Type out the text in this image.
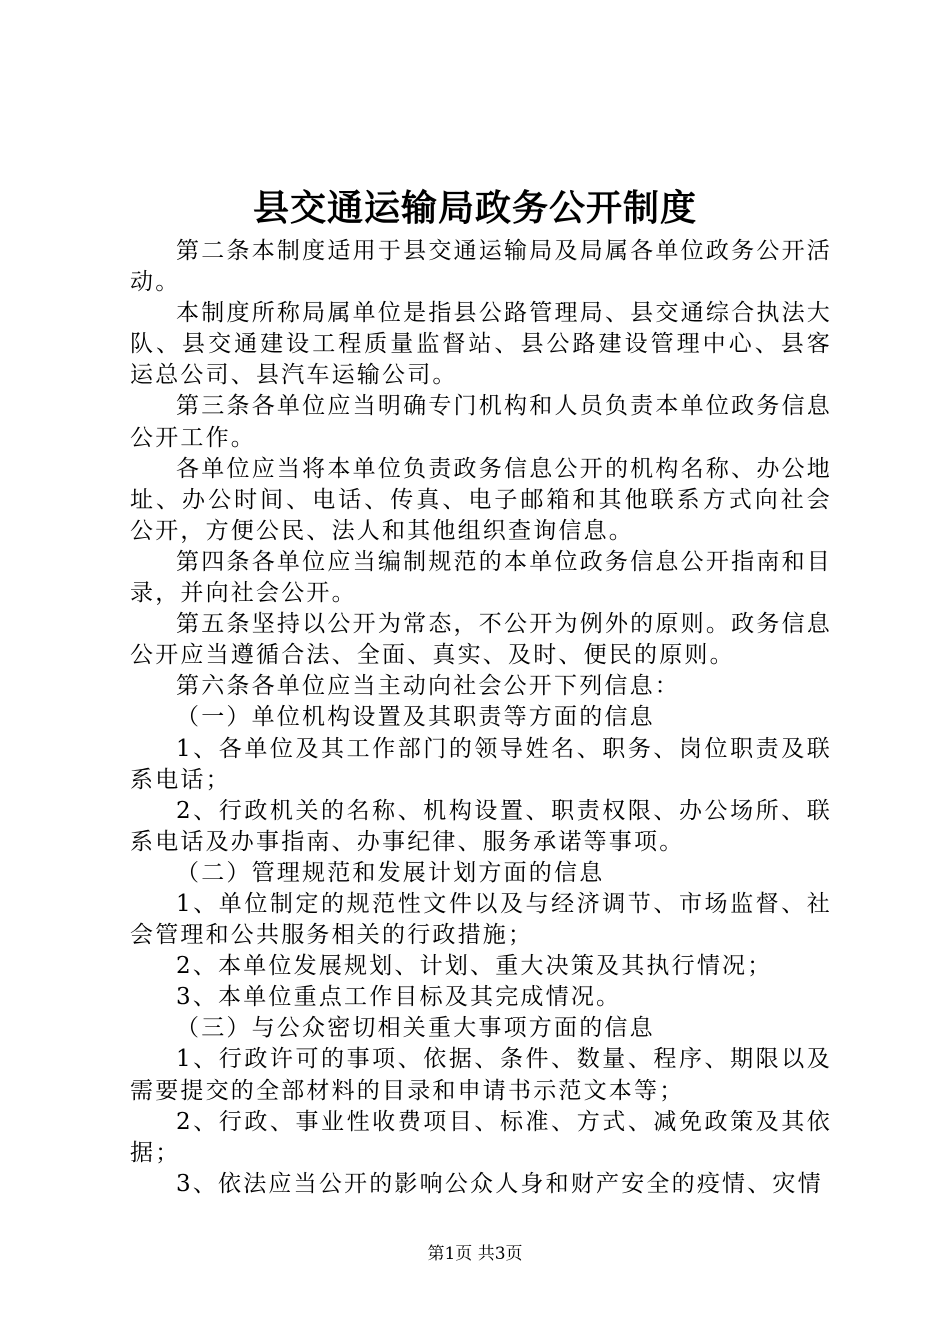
县交通运输局政务公开制度

第二条本制度适用于县交通运输局及局属各单位政务公开活动。

本制度所称局属单位是指县公路管理局、县交通综合执法大队、县交通建设工程质量监督站、县公路建设管理中心、县客运总公司、县汽车运输公司。

第三条各单位应当明确专门机构和人员负责本单位政务信息公开工作。

各单位应当将本单位负责政务信息公开的机构名称、办公地址、办公时间、电话、传真、电子邮箱和其他联系方式向社会公开，方便公民、法人和其他组织查询信息。

第四条各单位应当编制规范的本单位政务信息公开指南和目录，并向社会公开。

第五条坚持以公开为常态，不公开为例外的原则。政务信息公开应当遵循合法、全面、真实、及时、便民的原则。

第六条各单位应当主动向社会公开下列信息：

（一）单位机构设置及其职责等方面的信息

1、各单位及其工作部门的领导姓名、职务、岗位职责及联系电话；

2、行政机关的名称、机构设置、职责权限、办公场所、联系电话及办事指南、办事纪律、服务承诺等事项。

（二）管理规范和发展计划方面的信息

1、单位制定的规范性文件以及与经济调节、市场监督、社会管理和公共服务相关的行政措施；

2、本单位发展规划、计划、重大决策及其执行情况；

3、本单位重点工作目标及其完成情况。

（三）与公众密切相关重大事项方面的信息

1、行政许可的事项、依据、条件、数量、程序、期限以及需要提交的全部材料的目录和申请书示范文本等；

2、行政、事业性收费项目、标准、方式、减免政策及其依据；

3、依法应当公开的影响公众人身和财产安全的疫情、灾情

第1页 共3页
